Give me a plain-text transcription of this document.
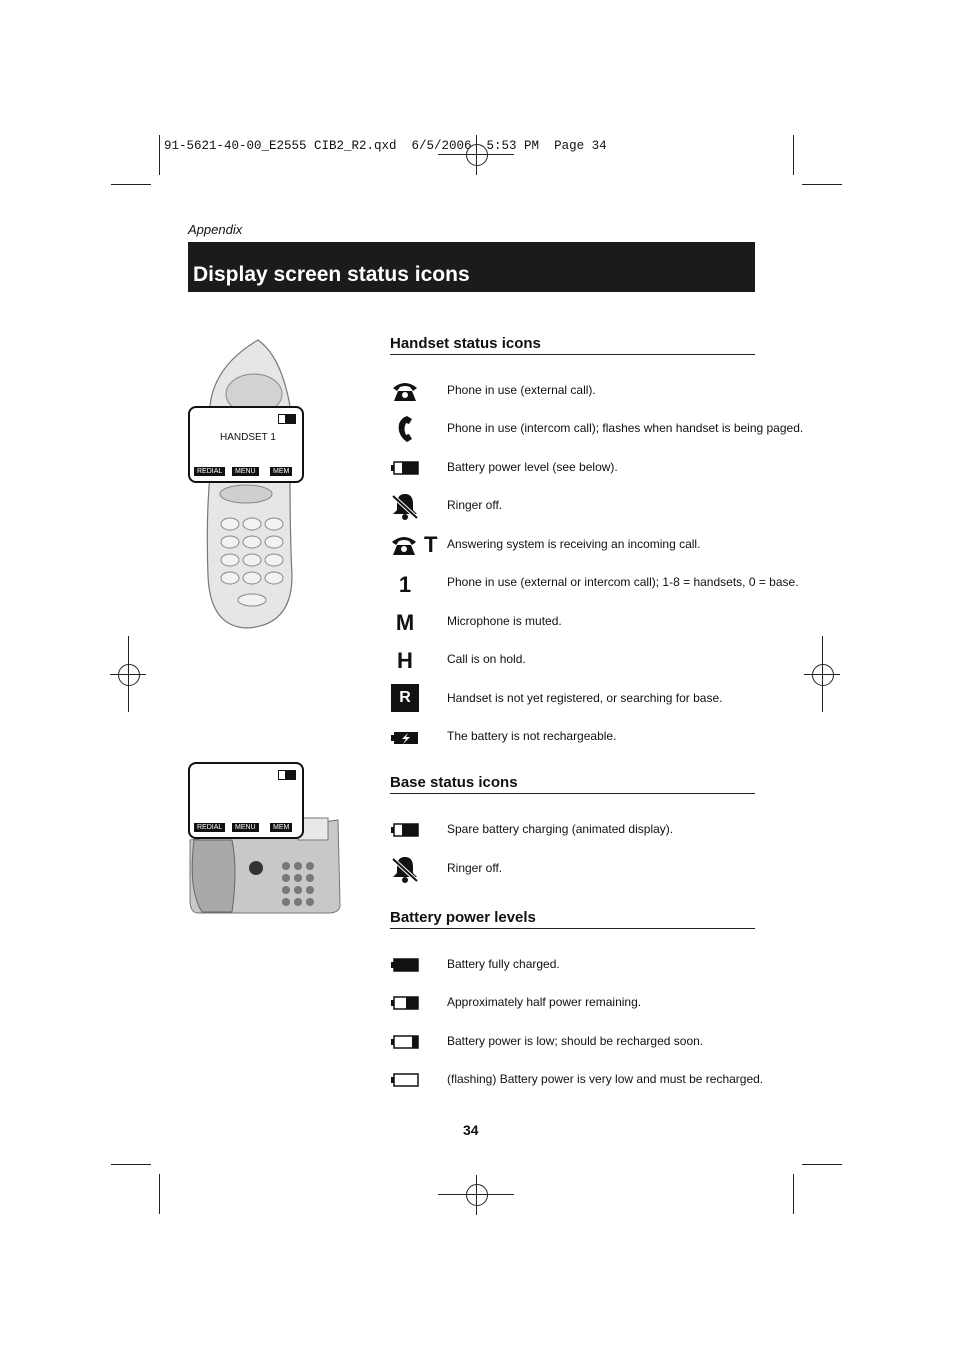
91-5621-40-00_E2555 CIB2_R2.qxd  6/5/2006  5:53 PM  Page 34
Appendix
Display screen status icons
HANDSET 1
REDIAL	MENU	MEM
REDIAL	MENU	MEM
Handset status icons
Phone in use (external call).
Phone in use (intercom call); flashes when handset is being paged.
Battery power level (see below).
Ringer off.
T Answering system is receiving an incoming call.
1	Phone in use (external or intercom call); 1-8 = handsets, 0 = base.
M	Microphone is muted.
H	Call is on hold.
R	Handset is not yet registered, or searching for base.
The battery is not rechargeable.
Base status icons
Spare battery charging (animated display).
Ringer off.
Battery power levels
Battery fully charged.
Approximately half power remaining.
Battery power is low; should be recharged soon.
(flashing) Battery power is very low and must be recharged.
34
